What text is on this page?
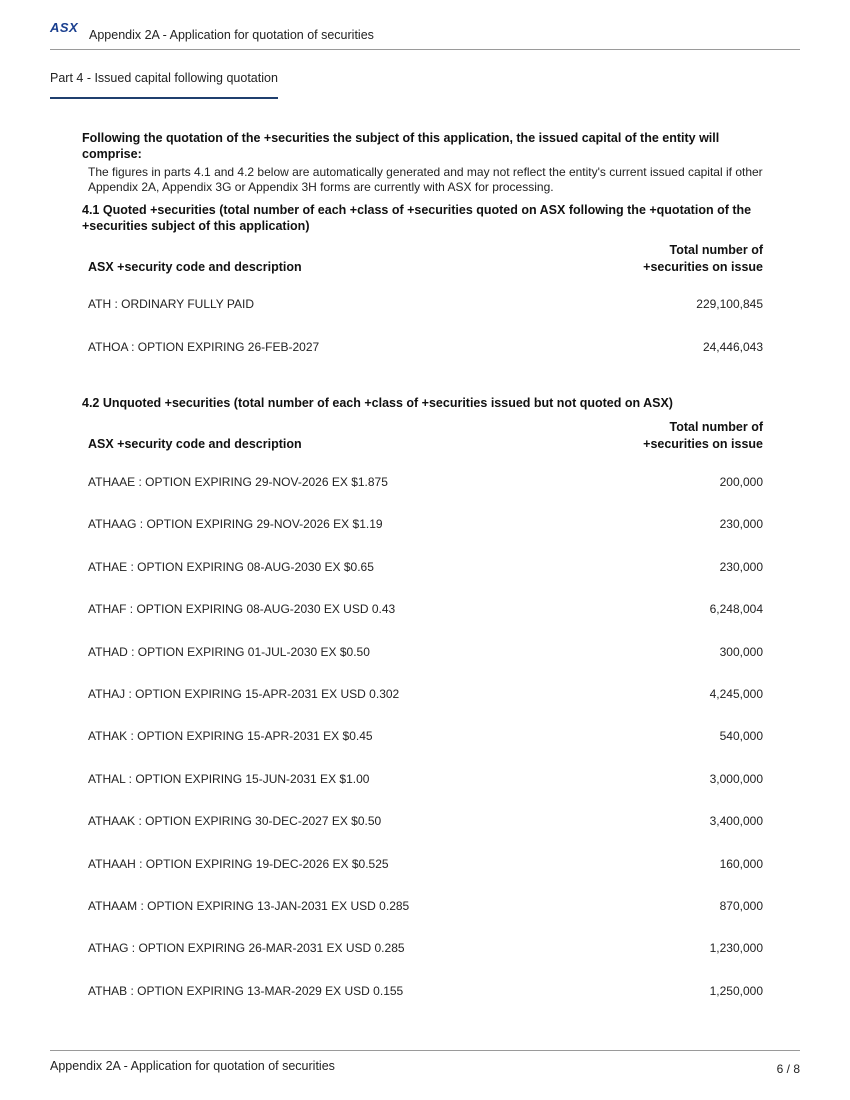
ASX Appendix 2A - Application for quotation of securities
Part 4 - Issued capital following quotation
Following the quotation of the +securities the subject of this application, the issued capital of the entity will comprise:
The figures in parts 4.1 and 4.2 below are automatically generated and may not reflect the entity's current issued capital if other Appendix 2A, Appendix 3G or Appendix 3H forms are currently with ASX for processing.
4.1 Quoted +securities (total number of each +class of +securities quoted on ASX following the +quotation of the +securities subject of this application)
ASX +security code and description
Total number of
+securities on issue
ATH : ORDINARY FULLY PAID	229,100,845
ATHOA : OPTION EXPIRING 26-FEB-2027	24,446,043
4.2 Unquoted +securities (total number of each +class of +securities issued but not quoted on ASX)
ASX +security code and description
Total number of
+securities on issue
ATHAAE : OPTION EXPIRING 29-NOV-2026 EX $1.875	200,000
ATHAAG : OPTION EXPIRING 29-NOV-2026 EX $1.19	230,000
ATHAE : OPTION EXPIRING 08-AUG-2030 EX $0.65	230,000
ATHAF : OPTION EXPIRING 08-AUG-2030 EX USD 0.43	6,248,004
ATHAD : OPTION EXPIRING 01-JUL-2030 EX $0.50	300,000
ATHAJ : OPTION EXPIRING 15-APR-2031 EX USD 0.302	4,245,000
ATHAK : OPTION EXPIRING 15-APR-2031 EX $0.45	540,000
ATHAL : OPTION EXPIRING 15-JUN-2031 EX $1.00	3,000,000
ATHAAK : OPTION EXPIRING 30-DEC-2027 EX $0.50	3,400,000
ATHAAH : OPTION EXPIRING 19-DEC-2026 EX $0.525	160,000
ATHAAM : OPTION EXPIRING 13-JAN-2031 EX USD 0.285	870,000
ATHAG : OPTION EXPIRING 26-MAR-2031 EX USD 0.285	1,230,000
ATHAB : OPTION EXPIRING 13-MAR-2029 EX USD 0.155	1,250,000
Appendix 2A - Application for quotation of securities	6 / 8
